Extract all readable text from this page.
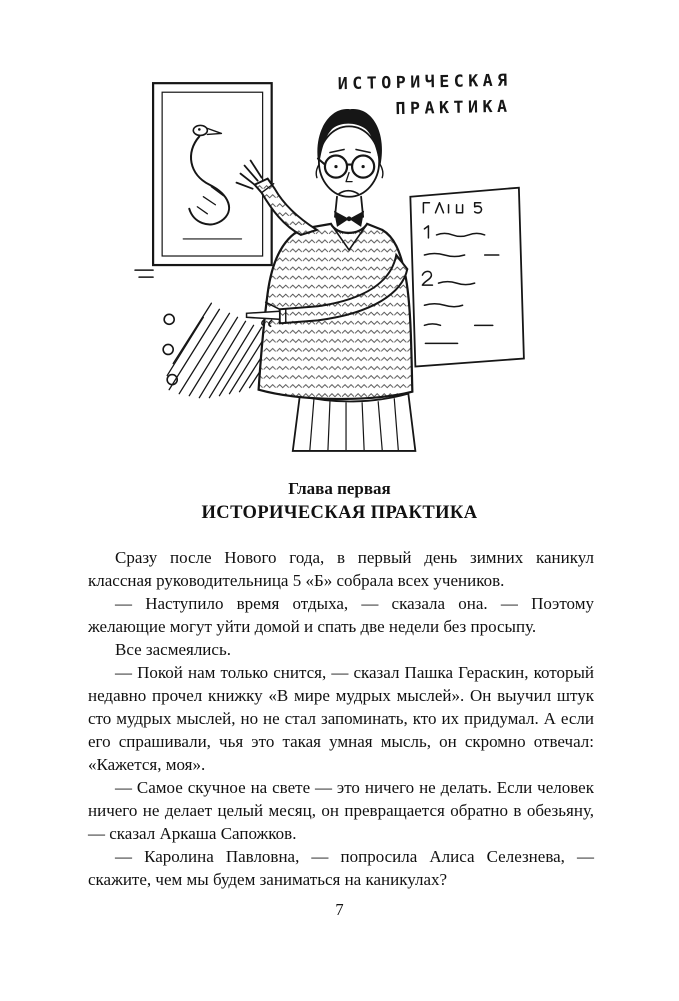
ИСТОРИЧЕСКАЯ
ПРАКТИКА
Глава первая
ИСТОРИЧЕСКАЯ ПРАКТИКА

Сразу после Нового года, в первый день зимних каникул классная руководительница 5 «Б» собрала всех учеников.

— Наступило время отдыха, — сказала она. — Поэтому желающие могут уйти домой и спать две недели без просыпу.

Все засмеялись.

— Покой нам только снится, — сказал Пашка Гераскин, который недавно прочел книжку «В мире мудрых мыслей». Он выучил штук сто мудрых мыслей, но не стал запоминать, кто их придумал. А если его спрашивали, чья это такая умная мысль, он скромно отвечал: «Кажется, моя».

— Самое скучное на свете — это ничего не делать. Если человек ничего не делает целый месяц, он превращается обратно в обезьяну, — сказал Аркаша Сапожков.

— Каролина Павловна, — попросила Алиса Селезнева, — скажите, чем мы будем заниматься на каникулах?

7
